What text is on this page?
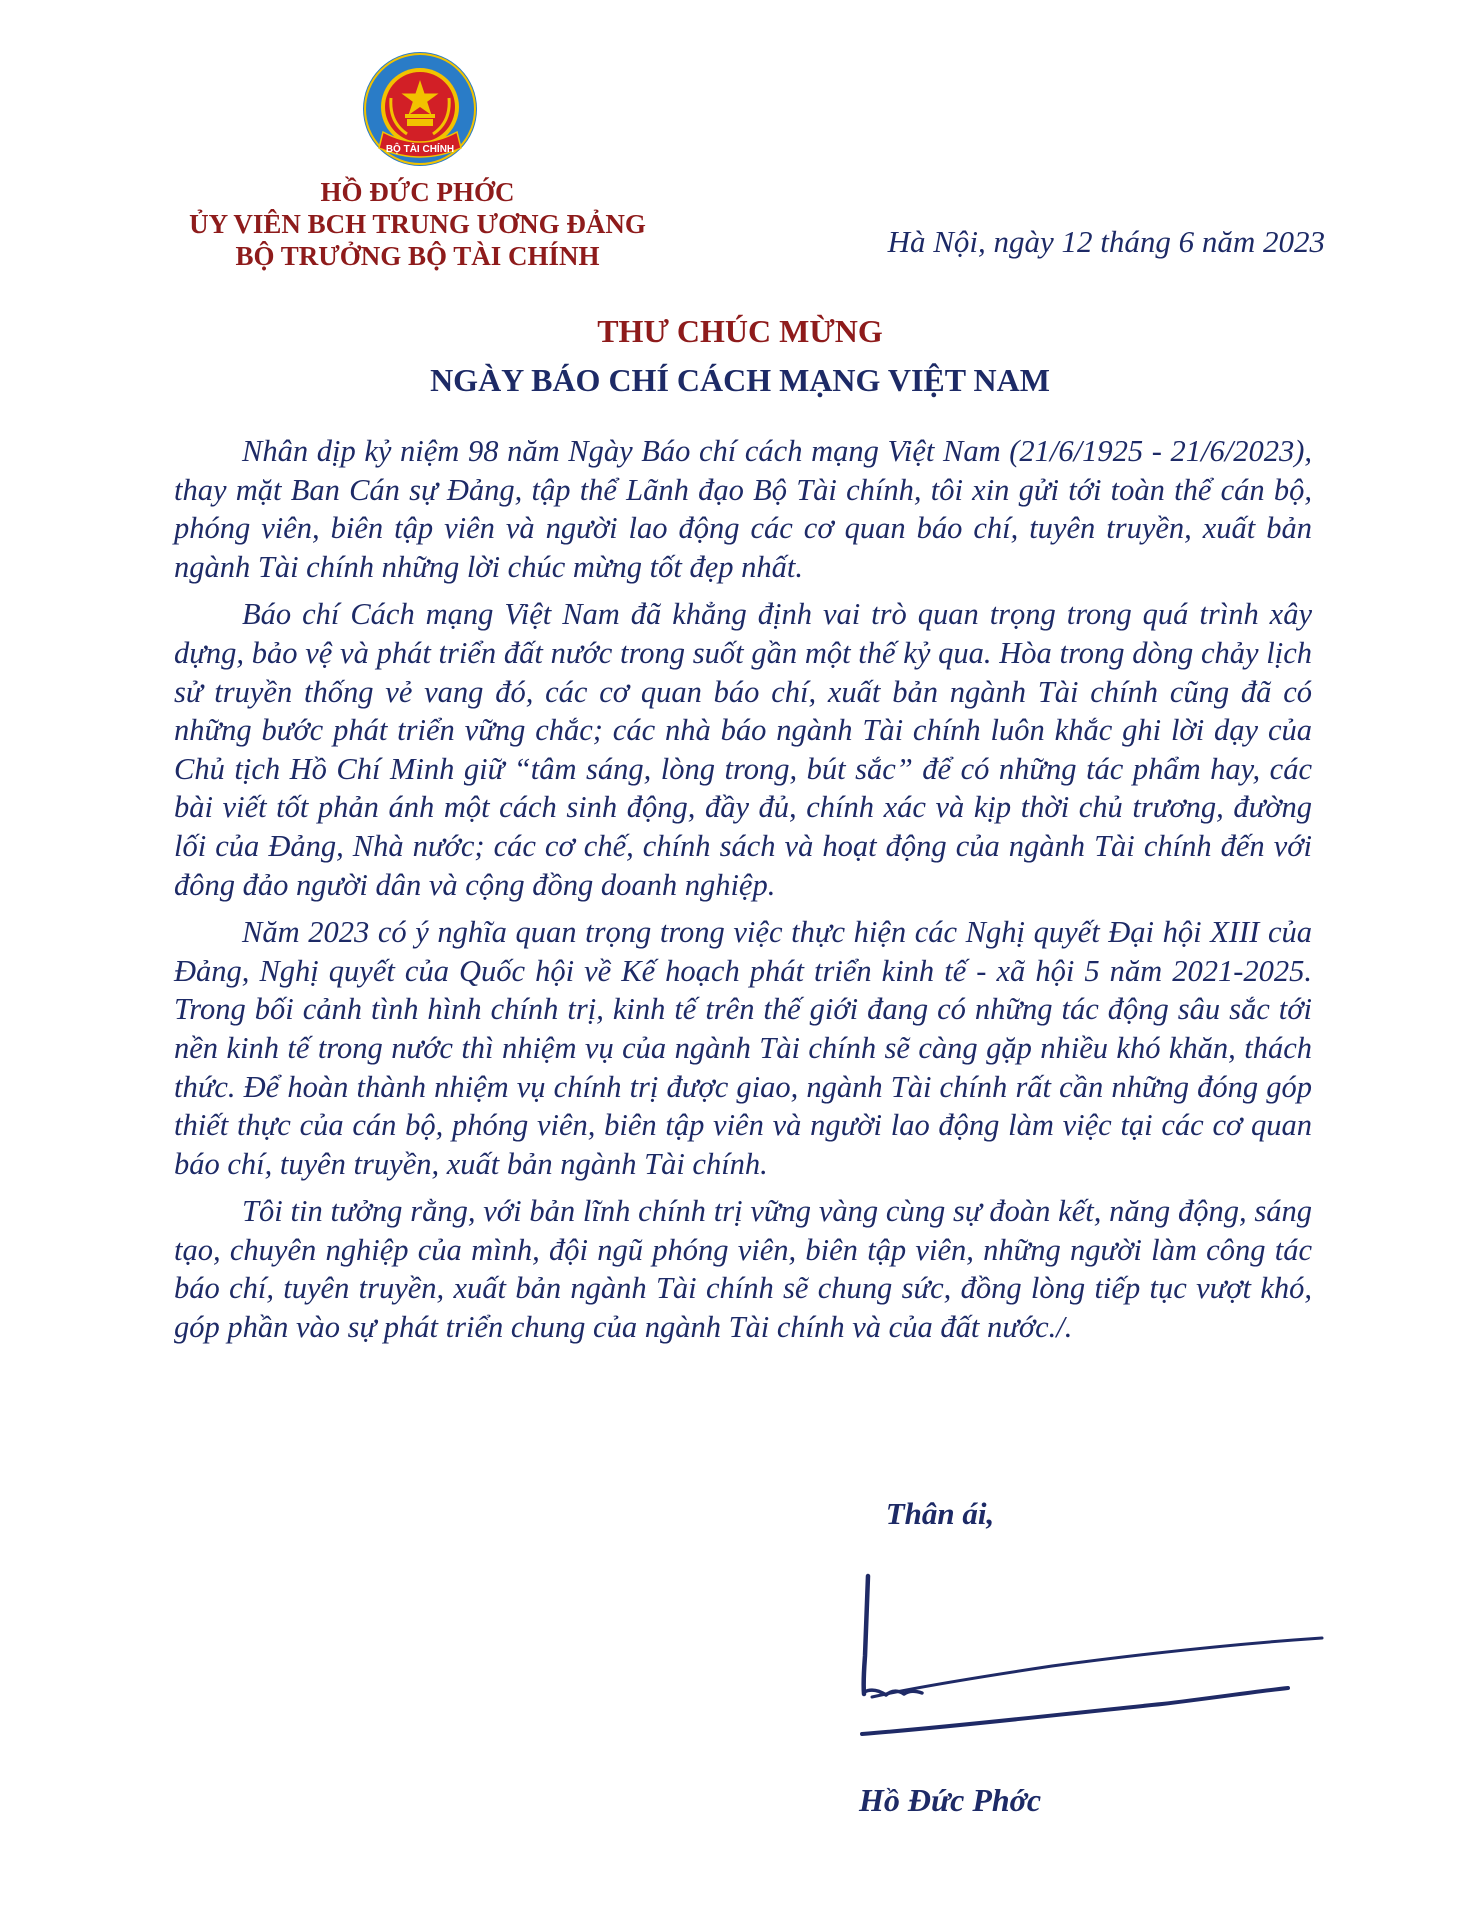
BỘ TÀI CHÍNH
HỒ ĐỨC PHỚC
ỦY VIÊN BCH TRUNG ƯƠNG ĐẢNG
BỘ TRƯỞNG BỘ TÀI CHÍNH	Hà Nội, ngày 12 tháng 6 năm 2023
THƯ CHÚC MỪNG
NGÀY BÁO CHÍ CÁCH MẠNG VIỆT NAM

Nhân dịp kỷ niệm 98 năm Ngày Báo chí cách mạng Việt Nam (21/6/1925 - 21/6/2023), thay mặt Ban Cán sự Đảng, tập thể Lãnh đạo Bộ Tài chính, tôi xin gửi tới toàn thể cán bộ, phóng viên, biên tập viên và người lao động các cơ quan báo chí, tuyên truyền, xuất bản ngành Tài chính những lời chúc mừng tốt đẹp nhất.

Báo chí Cách mạng Việt Nam đã khẳng định vai trò quan trọng trong quá trình xây dựng, bảo vệ và phát triển đất nước trong suốt gần một thế kỷ qua. Hòa trong dòng chảy lịch sử truyền thống vẻ vang đó, các cơ quan báo chí, xuất bản ngành Tài chính cũng đã có những bước phát triển vững chắc; các nhà báo ngành Tài chính luôn khắc ghi lời dạy của Chủ tịch Hồ Chí Minh giữ “tâm sáng, lòng trong, bút sắc” để có những tác phẩm hay, các bài viết tốt phản ánh một cách sinh động, đầy đủ, chính xác và kịp thời chủ trương, đường lối của Đảng, Nhà nước; các cơ chế, chính sách và hoạt động của ngành Tài chính đến với đông đảo người dân và cộng đồng doanh nghiệp.

Năm 2023 có ý nghĩa quan trọng trong việc thực hiện các Nghị quyết Đại hội XIII của Đảng, Nghị quyết của Quốc hội về Kế hoạch phát triển kinh tế - xã hội 5 năm 2021-2025. Trong bối cảnh tình hình chính trị, kinh tế trên thế giới đang có những tác động sâu sắc tới nền kinh tế trong nước thì nhiệm vụ của ngành Tài chính sẽ càng gặp nhiều khó khăn, thách thức. Để hoàn thành nhiệm vụ chính trị được giao, ngành Tài chính rất cần những đóng góp thiết thực của cán bộ, phóng viên, biên tập viên và người lao động làm việc tại các cơ quan báo chí, tuyên truyền, xuất bản ngành Tài chính.

Tôi tin tưởng rằng, với bản lĩnh chính trị vững vàng cùng sự đoàn kết, năng động, sáng tạo, chuyên nghiệp của mình, đội ngũ phóng viên, biên tập viên, những người làm công tác báo chí, tuyên truyền, xuất bản ngành Tài chính sẽ chung sức, đồng lòng tiếp tục vượt khó, góp phần vào sự phát triển chung của ngành Tài chính và của đất nước./.

Thân ái,
Hồ Đức Phớc
